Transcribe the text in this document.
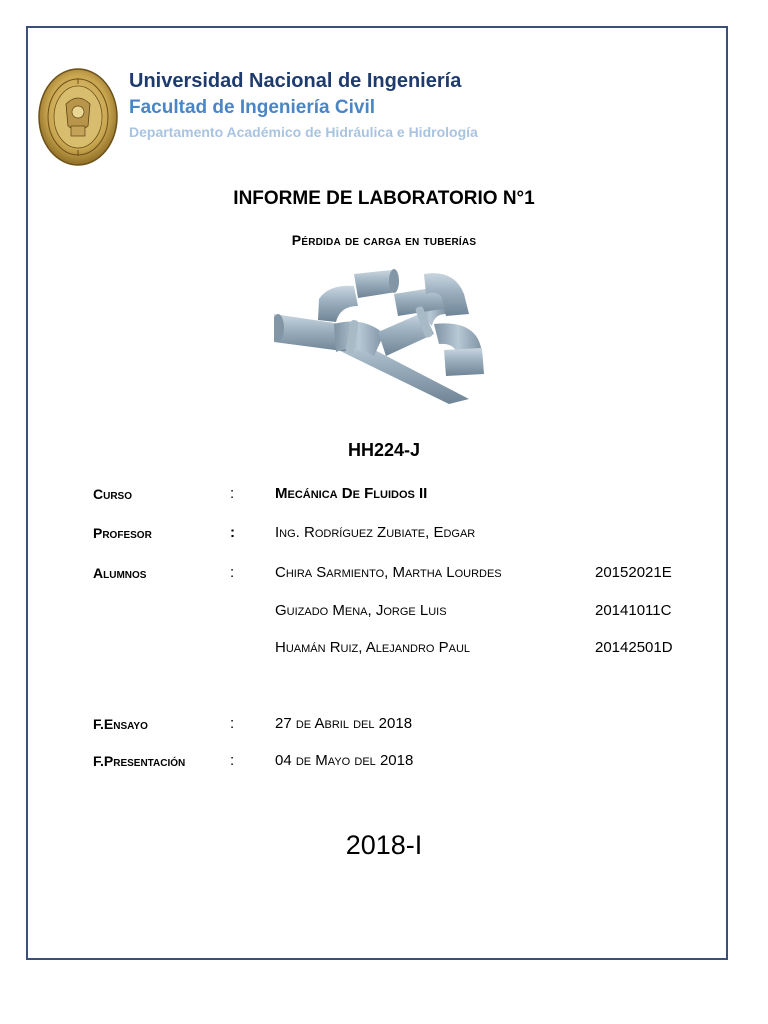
Universidad Nacional de Ingeniería
Facultad de Ingeniería Civil
Departamento Académico de Hidráulica e Hidrología
INFORME DE LABORATORIO N°1
Pérdida de carga en tuberías
HH224-J
Curso	:	Mecánica De Fluidos II
Profesor	:	Ing. Rodríguez Zubiate, Edgar
Alumnos	:	Chira Sarmiento, Martha Lourdes	20152021E
Guizado Mena, Jorge Luis	20141011C
Huamán Ruiz, Alejandro Paul	20142501D
F.Ensayo	:	27 de Abril del 2018
F.Presentación	:	04 de Mayo del 2018
2018-I
